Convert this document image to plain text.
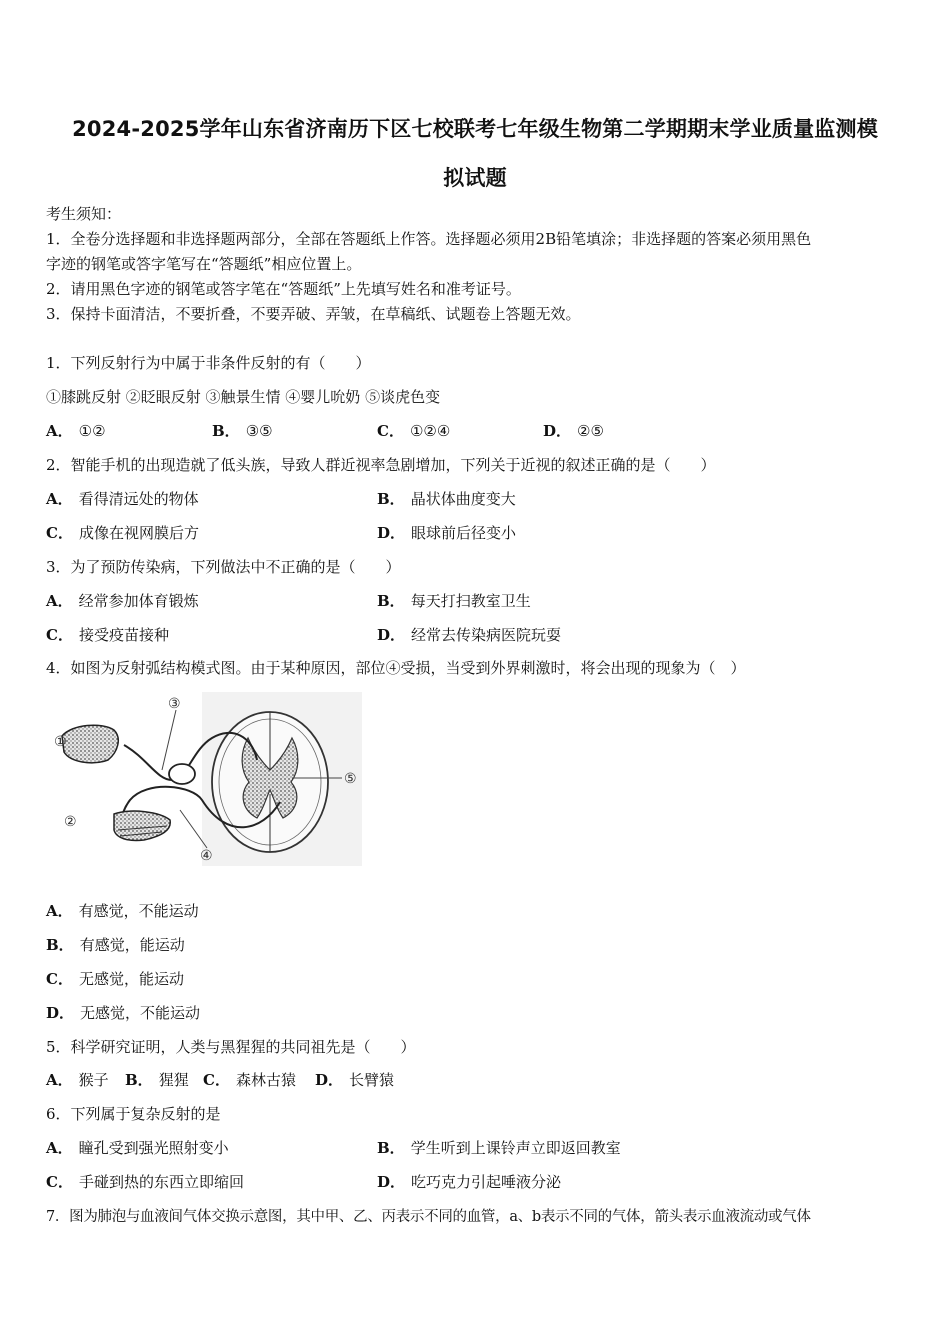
2024-2025学年山东省济南历下区七校联考七年级生物第二学期期末学业质量监测模
拟试题
考生须知：
1．全卷分选择题和非选择题两部分，全部在答题纸上作答。选择题必须用2B铅笔填涂；非选择题的答案必须用黑色
字迹的钢笔或答字笔写在“答题纸”相应位置上。
2．请用黑色字迹的钢笔或答字笔在“答题纸”上先填写姓名和准考证号。
3．保持卡面清洁，不要折叠，不要弄破、弄皱，在草稿纸、试题卷上答题无效。
1．下列反射行为中属于非条件反射的有（　　）
①膝跳反射 ②眨眼反射 ③触景生情 ④婴儿吮奶 ⑤谈虎色变
A． ①②	B． ③⑤	C． ①②④	D． ②⑤
2．智能手机的出现造就了低头族，导致人群近视率急剧增加，下列关于近视的叙述正确的是（　　）
A． 看得清远处的物体	B． 晶状体曲度变大
C． 成像在视网膜后方	D． 眼球前后径变小
3．为了预防传染病，下列做法中不正确的是（　　）
A． 经常参加体育锻炼	B． 每天打扫教室卫生
C． 接受疫苗接种	D． 经常去传染病医院玩耍
4．如图为反射弧结构模式图。由于某种原因，部位④受损，当受到外界刺激时，将会出现的现象为（　）
①
②
③
④
⑤
A． 有感觉，不能运动
B． 有感觉，能运动
C． 无感觉，能运动
D． 无感觉，不能运动
5．科学研究证明，人类与黑猩猩的共同祖先是（　　）
A． 猴子 B． 猩猩 C． 森林古猿 D． 长臂猿
6．下列属于复杂反射的是
A． 瞳孔受到强光照射变小	B． 学生听到上课铃声立即返回教室
C． 手碰到热的东西立即缩回	D． 吃巧克力引起唾液分泌
7．图为肺泡与血液间气体交换示意图，其中甲、乙、丙表示不同的血管，a、b表示不同的气体，箭头表示血液流动或气体
